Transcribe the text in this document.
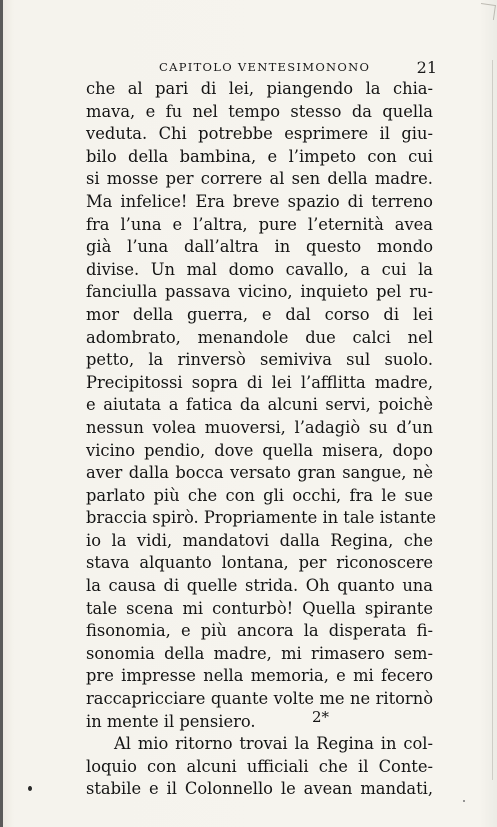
CAPITOLO VENTESIMONONO	21
che al pari di lei, piangendo la chia-
mava, e fu nel tempo stesso da quella
veduta. Chi potrebbe esprimere il giu-
bilo della bambina, e l’impeto con cui
si mosse per correre al sen della madre.
Ma infelice! Era breve spazio di terreno
fra l’una e l’altra, pure l’eternità avea
già l’una dall’altra in questo mondo
divise. Un mal domo cavallo, a cui la
fanciulla passava vicino, inquieto pel ru-
mor della guerra, e dal corso di lei
adombrato, menandole due calci nel
petto, la rinversò semiviva sul suolo.
Precipitossi sopra di lei l’afflitta madre,
e aiutata a fatica da alcuni servi, poichè
nessun volea muoversi, l’adagiò su d’un
vicino pendio, dove quella misera, dopo
aver dalla bocca versato gran sangue, nè
parlato più che con gli occhi, fra le sue
braccia spirò. Propriamente in tale istante
io la vidi, mandatovi dalla Regina, che
stava alquanto lontana, per riconoscere
la causa di quelle strida. Oh quanto una
tale scena mi conturbò! Quella spirante
fisonomia, e più ancora la disperata fi-
sonomia della madre, mi rimasero sem-
pre impresse nella memoria, e mi fecero
raccapricciare quante volte me ne ritornò
in mente il pensiero.
Al mio ritorno trovai la Regina in col-
loquio con alcuni ufficiali che il Conte-
stabile e il Colonnello le avean mandati,
2*
